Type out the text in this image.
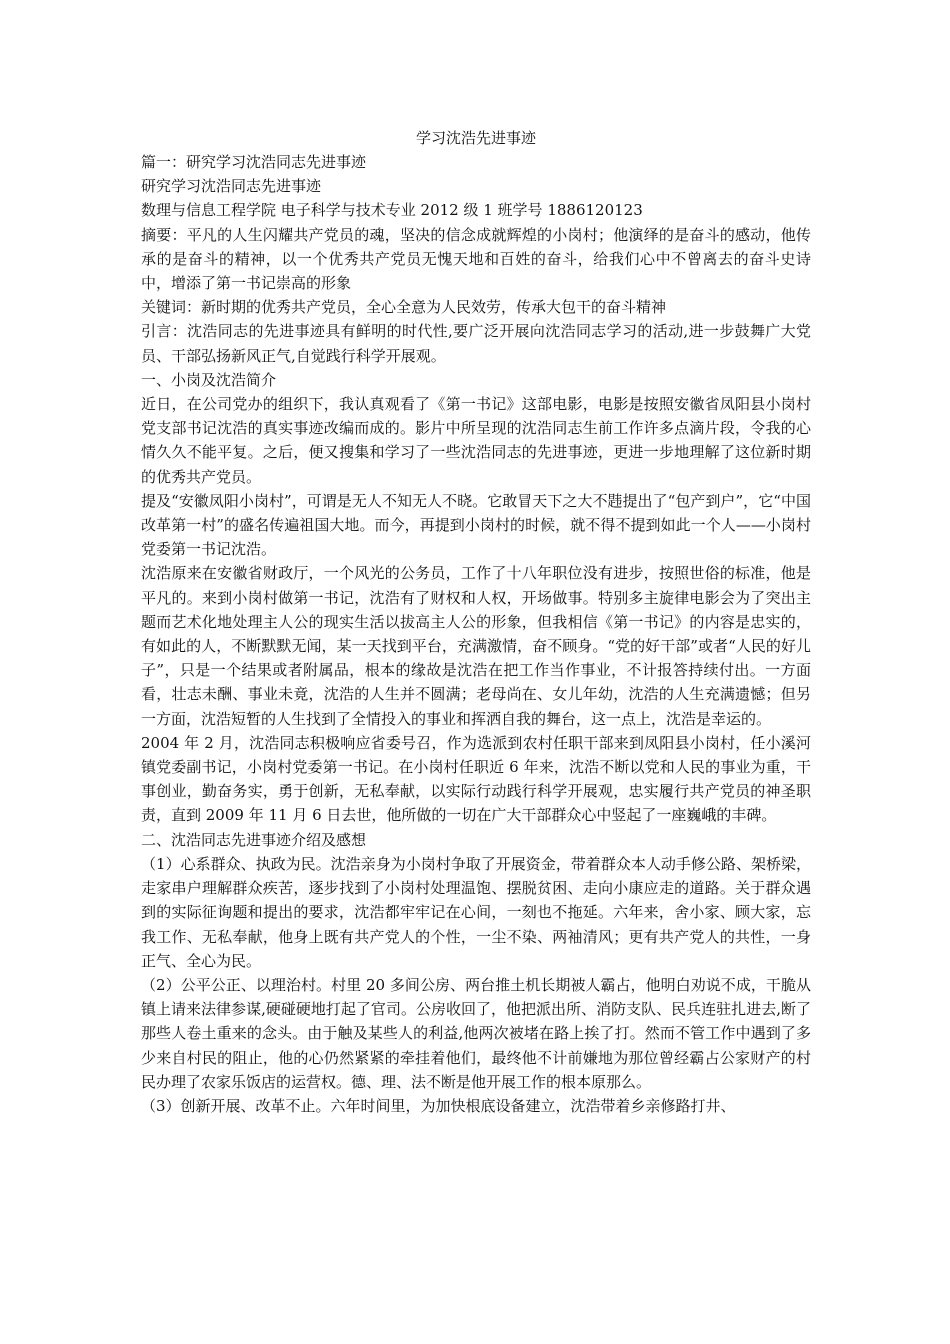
学习沈浩先进事迹

篇一：研究学习沈浩同志先进事迹

研究学习沈浩同志先进事迹

数理与信息工程学院 电子科学与技术专业 2012 级 1 班学号 1886120123

摘要：平凡的人生闪耀共产党员的魂，坚决的信念成就辉煌的小岗村；他演绎的是奋斗的感动，他传承的是奋斗的精神，以一个优秀共产党员无愧天地和百姓的奋斗，给我们心中不曾离去的奋斗史诗中，增添了第一书记崇高的形象

关键词：新时期的优秀共产党员，全心全意为人民效劳，传承大包干的奋斗精神

引言：沈浩同志的先进事迹具有鲜明的时代性,要广泛开展向沈浩同志学习的活动,进一步鼓舞广大党员、干部弘扬新风正气,自觉践行科学开展观。

一、小岗及沈浩简介

近日，在公司党办的组织下，我认真观看了《第一书记》这部电影，电影是按照安徽省凤阳县小岗村党支部书记沈浩的真实事迹改编而成的。影片中所呈现的沈浩同志生前工作许多点滴片段，令我的心情久久不能平复。之后，便又搜集和学习了一些沈浩同志的先进事迹，更进一步地理解了这位新时期的优秀共产党员。

提及“安徽凤阳小岗村”，可谓是无人不知无人不晓。它敢冒天下之大不韪提出了“包产到户”，它“中国改革第一村”的盛名传遍祖国大地。而今，再提到小岗村的时候，就不得不提到如此一个人——小岗村党委第一书记沈浩。

沈浩原来在安徽省财政厅，一个风光的公务员，工作了十八年职位没有进步，按照世俗的标准，他是平凡的。来到小岗村做第一书记，沈浩有了财权和人权，开场做事。特别多主旋律电影会为了突出主题而艺术化地处理主人公的现实生活以拔高主人公的形象，但我相信《第一书记》的内容是忠实的，有如此的人，不断默默无闻，某一天找到平台，充满激情，奋不顾身。“党的好干部”或者“人民的好儿子”，只是一个结果或者附属品，根本的缘故是沈浩在把工作当作事业，不计报答持续付出。一方面看，壮志未酬、事业未竟，沈浩的人生并不圆满；老母尚在、女儿年幼，沈浩的人生充满遗憾；但另一方面，沈浩短暂的人生找到了全情投入的事业和挥洒自我的舞台，这一点上，沈浩是幸运的。

2004 年 2 月，沈浩同志积极响应省委号召，作为选派到农村任职干部来到凤阳县小岗村，任小溪河镇党委副书记，小岗村党委第一书记。在小岗村任职近 6 年来，沈浩不断以党和人民的事业为重，干事创业，勤奋务实，勇于创新，无私奉献，以实际行动践行科学开展观，忠实履行共产党员的神圣职责，直到 2009 年 11 月 6 日去世，他所做的一切在广大干部群众心中竖起了一座巍峨的丰碑。

二、沈浩同志先进事迹介绍及感想

（1）心系群众、执政为民。沈浩亲身为小岗村争取了开展资金，带着群众本人动手修公路、架桥梁，走家串户理解群众疾苦，逐步找到了小岗村处理温饱、摆脱贫困、走向小康应走的道路。关于群众遇到的实际征询题和提出的要求，沈浩都牢牢记在心间，一刻也不拖延。六年来，舍小家、顾大家，忘我工作、无私奉献，他身上既有共产党人的个性，一尘不染、两袖清风；更有共产党人的共性，一身正气、全心为民。

（2）公平公正、以理治村。村里 20 多间公房、两台推土机长期被人霸占，他明白劝说不成，干脆从镇上请来法律参谋,硬碰硬地打起了官司。公房收回了，他把派出所、消防支队、民兵连驻扎进去,断了那些人卷土重来的念头。由于触及某些人的利益,他两次被堵在路上挨了打。然而不管工作中遇到了多少来自村民的阻止，他的心仍然紧紧的牵挂着他们，最终他不计前嫌地为那位曾经霸占公家财产的村民办理了农家乐饭店的运营权。德、理、法不断是他开展工作的根本原那么。

（3）创新开展、改革不止。六年时间里，为加快根底设备建立，沈浩带着乡亲修路打井、
